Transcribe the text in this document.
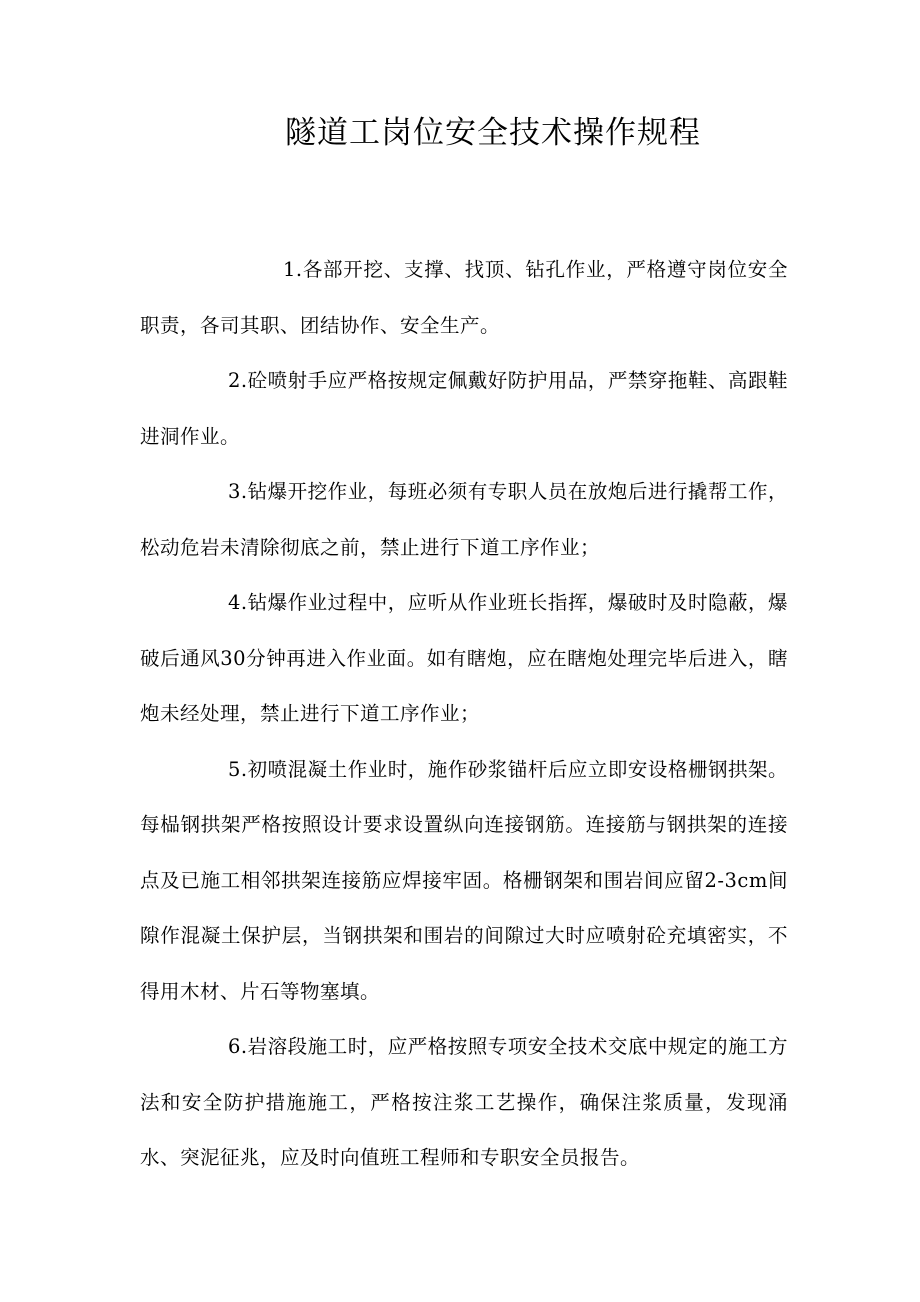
隧道工岗位安全技术操作规程

1.各部开挖、支撑、找顶、钻孔作业，严格遵守岗位安全职责，各司其职、团结协作、安全生产。

2.砼喷射手应严格按规定佩戴好防护用品，严禁穿拖鞋、高跟鞋进洞作业。

3.钻爆开挖作业，每班必须有专职人员在放炮后进行撬帮工作，松动危岩未清除彻底之前，禁止进行下道工序作业；

4.钻爆作业过程中，应听从作业班长指挥，爆破时及时隐蔽，爆破后通风30分钟再进入作业面。如有瞎炮，应在瞎炮处理完毕后进入，瞎炮未经处理，禁止进行下道工序作业；

5.初喷混凝土作业时，施作砂浆锚杆后应立即安设格栅钢拱架。每榀钢拱架严格按照设计要求设置纵向连接钢筋。连接筋与钢拱架的连接点及已施工相邻拱架连接筋应焊接牢固。格栅钢架和围岩间应留2-3cm间隙作混凝土保护层，当钢拱架和围岩的间隙过大时应喷射砼充填密实，不得用木材、片石等物塞填。

6.岩溶段施工时，应严格按照专项安全技术交底中规定的施工方法和安全防护措施施工，严格按注浆工艺操作，确保注浆质量，发现涌水、突泥征兆，应及时向值班工程师和专职安全员报告。
